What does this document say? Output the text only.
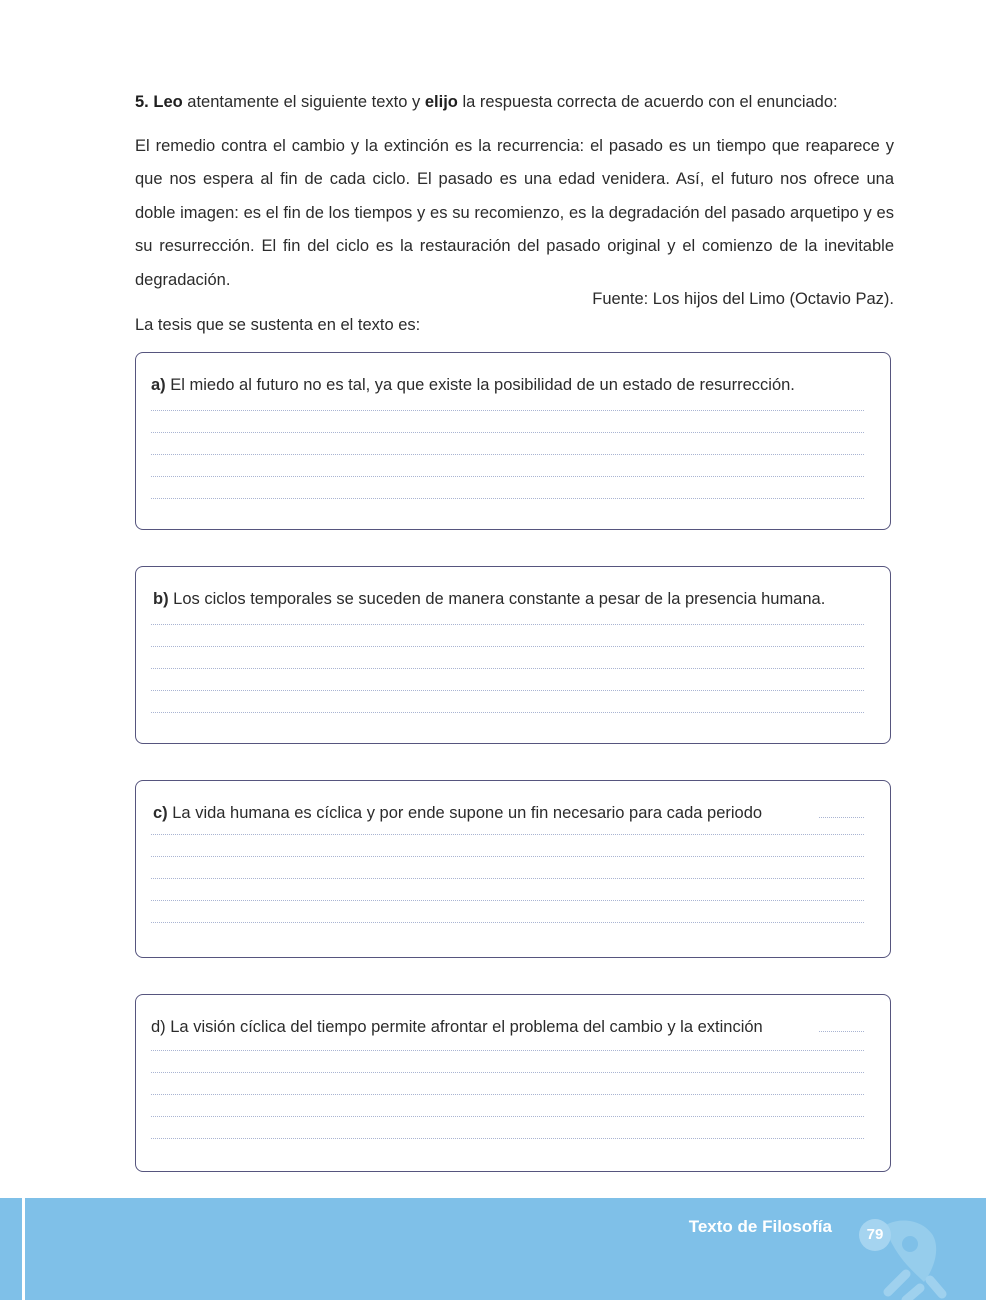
5. Leo atentamente el siguiente texto y elijo la respuesta correcta de acuerdo con el enunciado:

El remedio contra el cambio y la extinción es la recurrencia: el pasado es un tiempo que reaparece y que nos espera al fin de cada ciclo. El pasado es una edad venidera. Así, el futuro nos ofrece una doble imagen: es el fin de los tiempos y es su recomienzo, es la degradación del pasado arquetipo y es su resurrección. El fin del ciclo es la restauración del pasado original y el comienzo de la inevitable degradación.

Fuente: Los hijos del Limo (Octavio Paz).

La tesis que se sustenta en el texto es:

a) El miedo al futuro no es tal, ya que existe la posibilidad de un estado de resurrección.

b) Los ciclos temporales se suceden de manera constante a pesar de la presencia humana.

c) La vida humana es cíclica y por ende supone un fin necesario para cada periodo

d) La visión cíclica del tiempo permite afrontar el problema del cambio y la extinción

Texto de Filosofía	79
